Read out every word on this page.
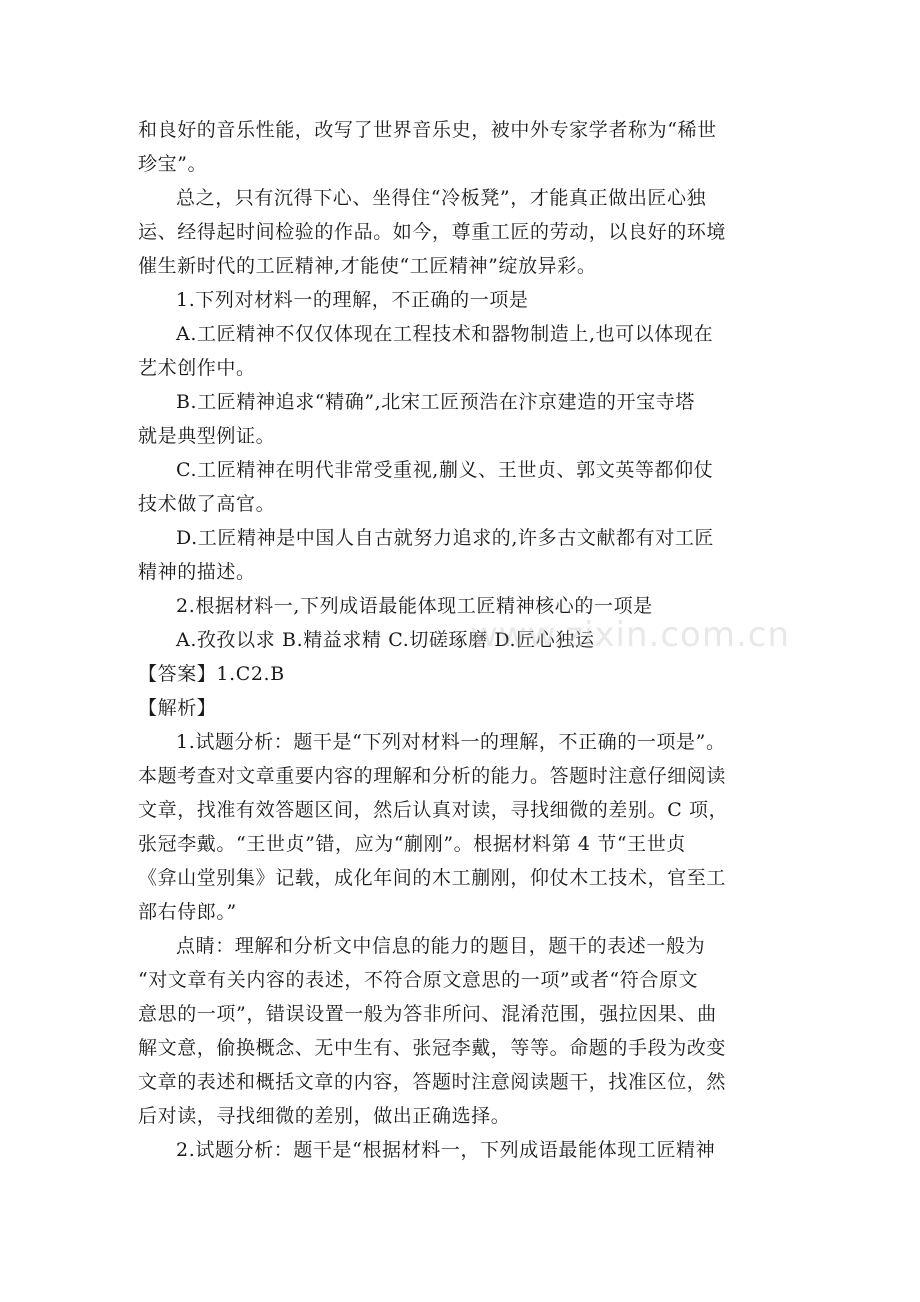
和良好的音乐性能，改写了世界音乐史，被中外专家学者称为“稀世
珍宝”。
总之，只有沉得下心、坐得住“冷板凳”，才能真正做出匠心独
运、经得起时间检验的作品。如今，尊重工匠的劳动，以良好的环境
催生新时代的工匠精神,才能使“工匠精神”绽放异彩。
1.下列对材料一的理解，不正确的一项是
A.工匠精神不仅仅体现在工程技术和器物制造上,也可以体现在
艺术创作中。
B.工匠精神追求“精确”,北宋工匠预浩在汴京建造的开宝寺塔
就是典型例证。
C.工匠精神在明代非常受重视,蒯义、王世贞、郭文英等都仰仗
技术做了高官。
D.工匠精神是中国人自古就努力追求的,许多古文献都有对工匠
精神的描述。
2.根据材料一,下列成语最能体现工匠精神核心的一项是
A.孜孜以求 B.精益求精 C.切磋琢磨 D.匠心独运
【答案】1.C2.B
【解析】
1.试题分析：题干是“下列对材料一的理解，不正确的一项是”。
本题考查对文章重要内容的理解和分析的能力。答题时注意仔细阅读
文章，找准有效答题区间，然后认真对读，寻找细微的差别。C 项，
张冠李戴。“王世贞”错，应为“蒯刚”。根据材料第 4 节“王世贞
《弇山堂别集》记载，成化年间的木工蒯刚，仰仗木工技术，官至工
部右侍郎。”
点睛：理解和分析文中信息的能力的题目，题干的表述一般为
“对文章有关内容的表述，不符合原文意思的一项”或者“符合原文
意思的一项”，错误设置一般为答非所问、混淆范围，强拉因果、曲
解文意，偷换概念、无中生有、张冠李戴，等等。命题的手段为改变
文章的表述和概括文章的内容，答题时注意阅读题干，找准区位，然
后对读，寻找细微的差别，做出正确选择。
2.试题分析：题干是“根据材料一，下列成语最能体现工匠精神
www.zixin.com.cn
